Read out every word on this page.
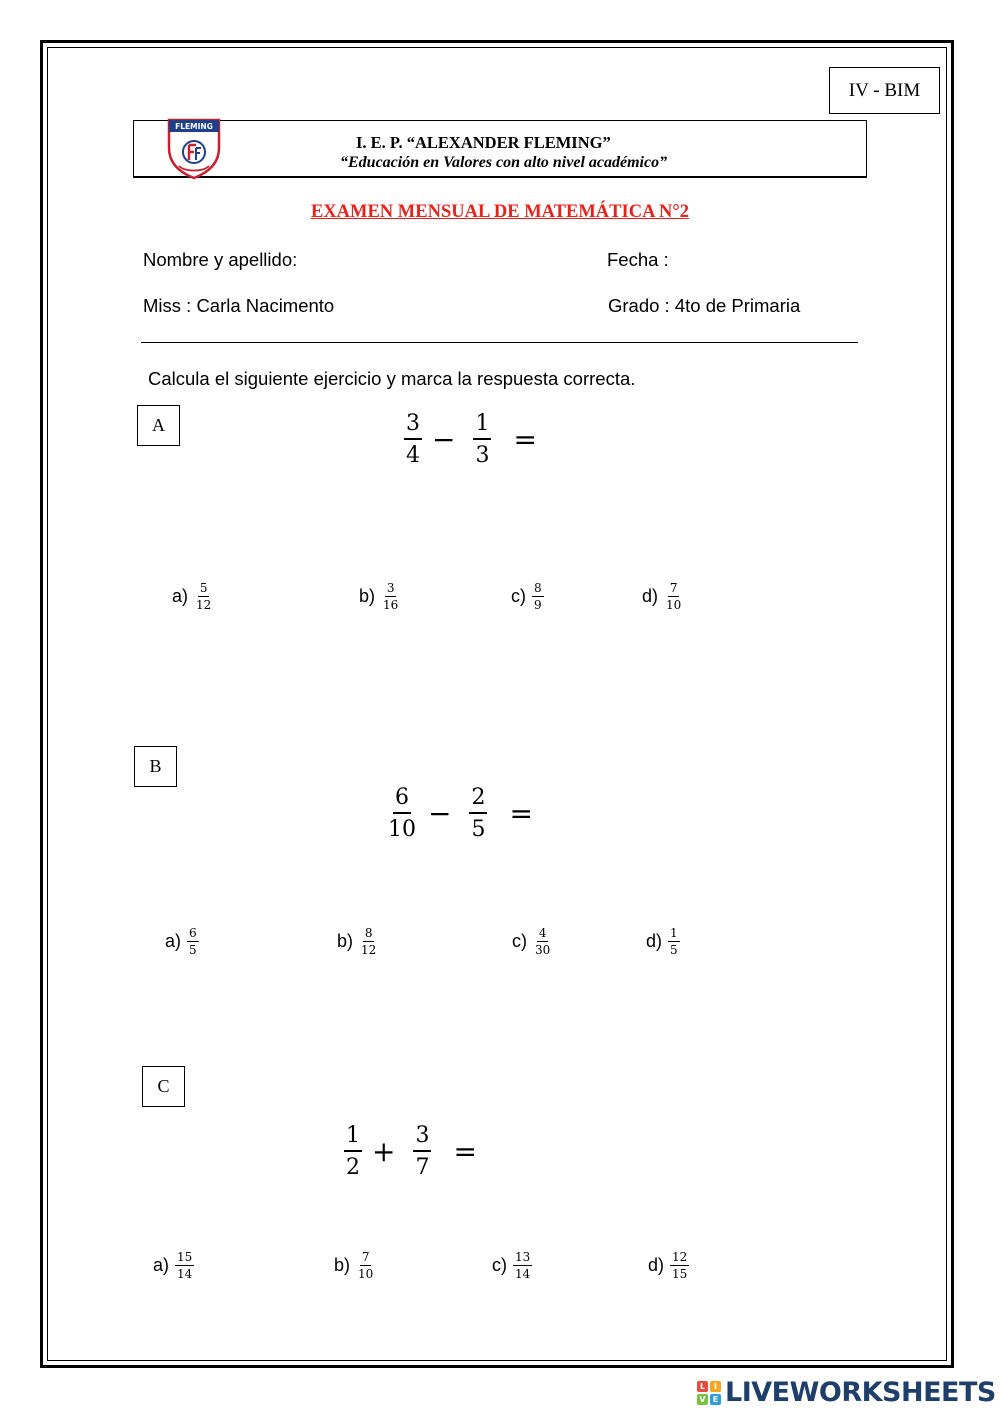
IV - BIM
FLEMING
I. E. P. “ALEXANDER FLEMING”
“Educación en Valores con alto nivel académico”
EXAMEN MENSUAL DE MATEMÁTICA N°2
Nombre y apellido:	Fecha :
Miss : Carla Nacimento	Grado : 4to de Primaria
Calcula el siguiente ejercicio y marca la respuesta correcta.
A	$\frac{3}{4} - \frac{1}{3}$ =
$a) \frac{5}{12}$	$b) \frac{3}{16}$	$c) \frac{8}{9}$	$d) \frac{7}{10}$
B
$\frac{6}{10} - \frac{2}{5}$ =
$a) \frac{6}{5}$	$b) \frac{8}{12}$	$c) \frac{4}{30}$	$d) \frac{1}{5}$
C
$\frac{1}{2} + \frac{3}{7}$ =
$a) \frac{15}{14}$	$b) \frac{7}{10}$	$c) \frac{13}{14}$	$d) \frac{12}{15}$
L	I
V E LIVEWORKSHEETS
